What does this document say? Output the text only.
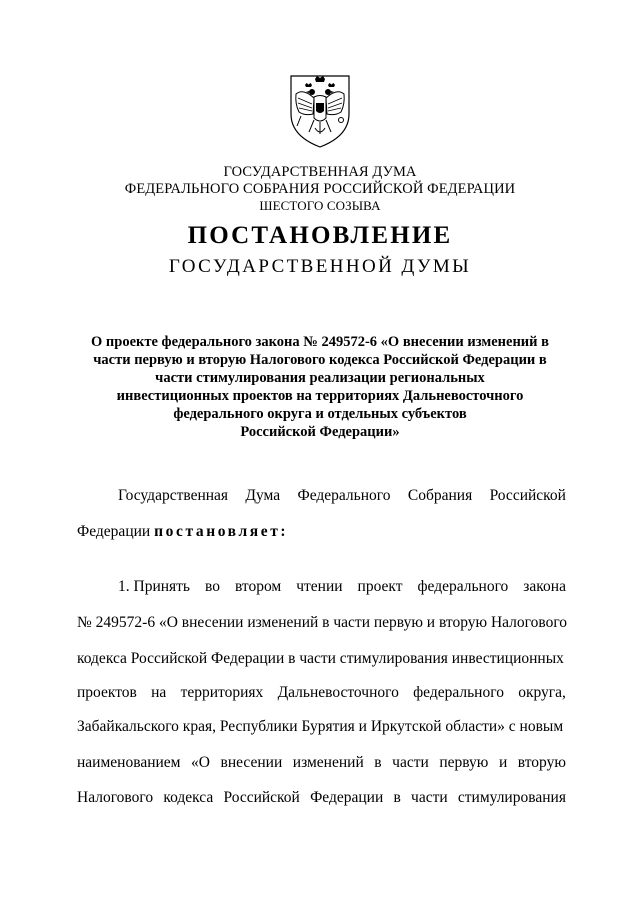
ГОСУДАРСТВЕННАЯ ДУМА
ФЕДЕРАЛЬНОГО СОБРАНИЯ РОССИЙСКОЙ ФЕДЕРАЦИИ
ШЕСТОГО СОЗЫВА
ПОСТАНОВЛЕНИЕ
ГОСУДАРСТВЕННОЙ ДУМЫ
О проекте федерального закона № 249572-6 «О внесении изменений в
части первую и вторую Налогового кодекса Российской Федерации в
части стимулирования реализации региональных
инвестиционных проектов на территориях Дальневосточного
федерального округа и отдельных субъектов
Российской Федерации»
Государственная Дума Федерального Собрания Российской
Федерации постановляет:
1. Принять во втором чтении проект федерального закона
№ 249572-6 «О внесении изменений в части первую и вторую Налогового
кодекса Российской Федерации в части стимулирования инвестиционных
проектов на территориях Дальневосточного федерального округа,
Забайкальского края, Республики Бурятия и Иркутской области» с новым
наименованием «О внесении изменений в части первую и вторую
Налогового кодекса Российской Федерации в части стимулирования
